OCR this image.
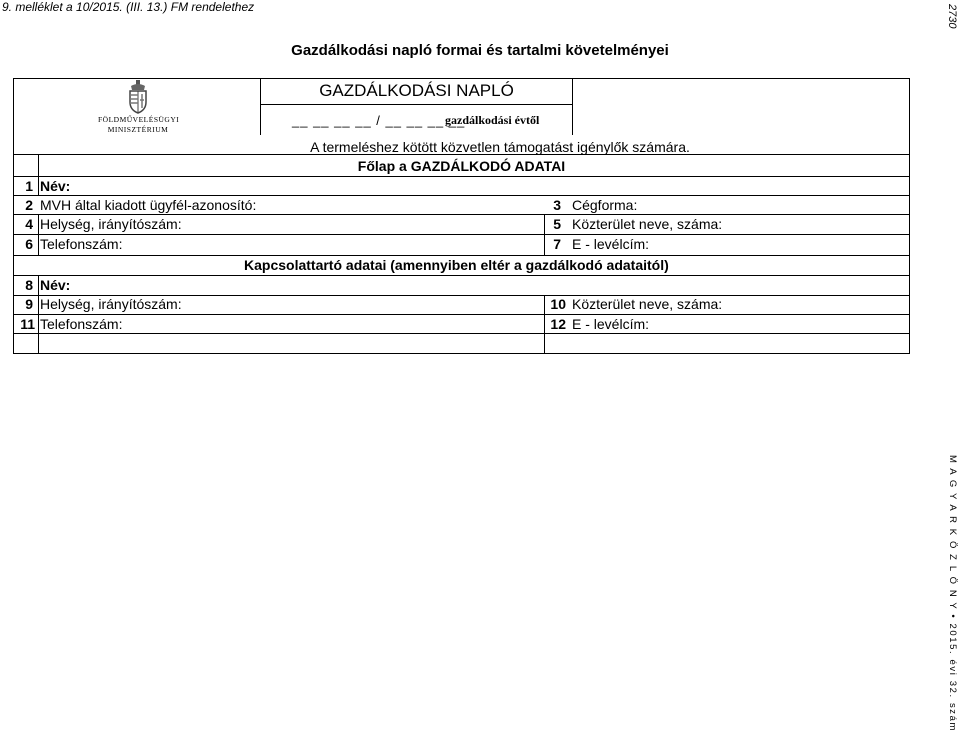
9. melléklet a 10/2015. (III. 13.) FM rendelethez	2730
M A G Y A R K Ö Z L Ö N Y • 2015. évi 32. szám
Gazdálkodási napló formai és tartalmi követelményei
FÖLDMŰVELÉSÜGYI
MINISZTÉRIUM
GAZDÁLKODÁSI NAPLÓ
__ __ __ __ / __ __ __ __
gazdálkodási évtől
A termeléshez kötött közvetlen támogatást igénylők számára.
Főlap a GAZDÁLKODÓ ADATAI
1 Név:
2 MVH által kiadott ügyfél-azonosító:	3 Cégforma:
4 Helység, irányítószám:	5 Közterület neve, száma:
6 Telefonszám:	7 E - levélcím:
Kapcsolattartó adatai (amennyiben eltér a gazdálkodó adataitól)
8 Név:
9 Helység, irányítószám:	10 Közterület neve, száma:
11 Telefonszám:	12 E - levélcím:
